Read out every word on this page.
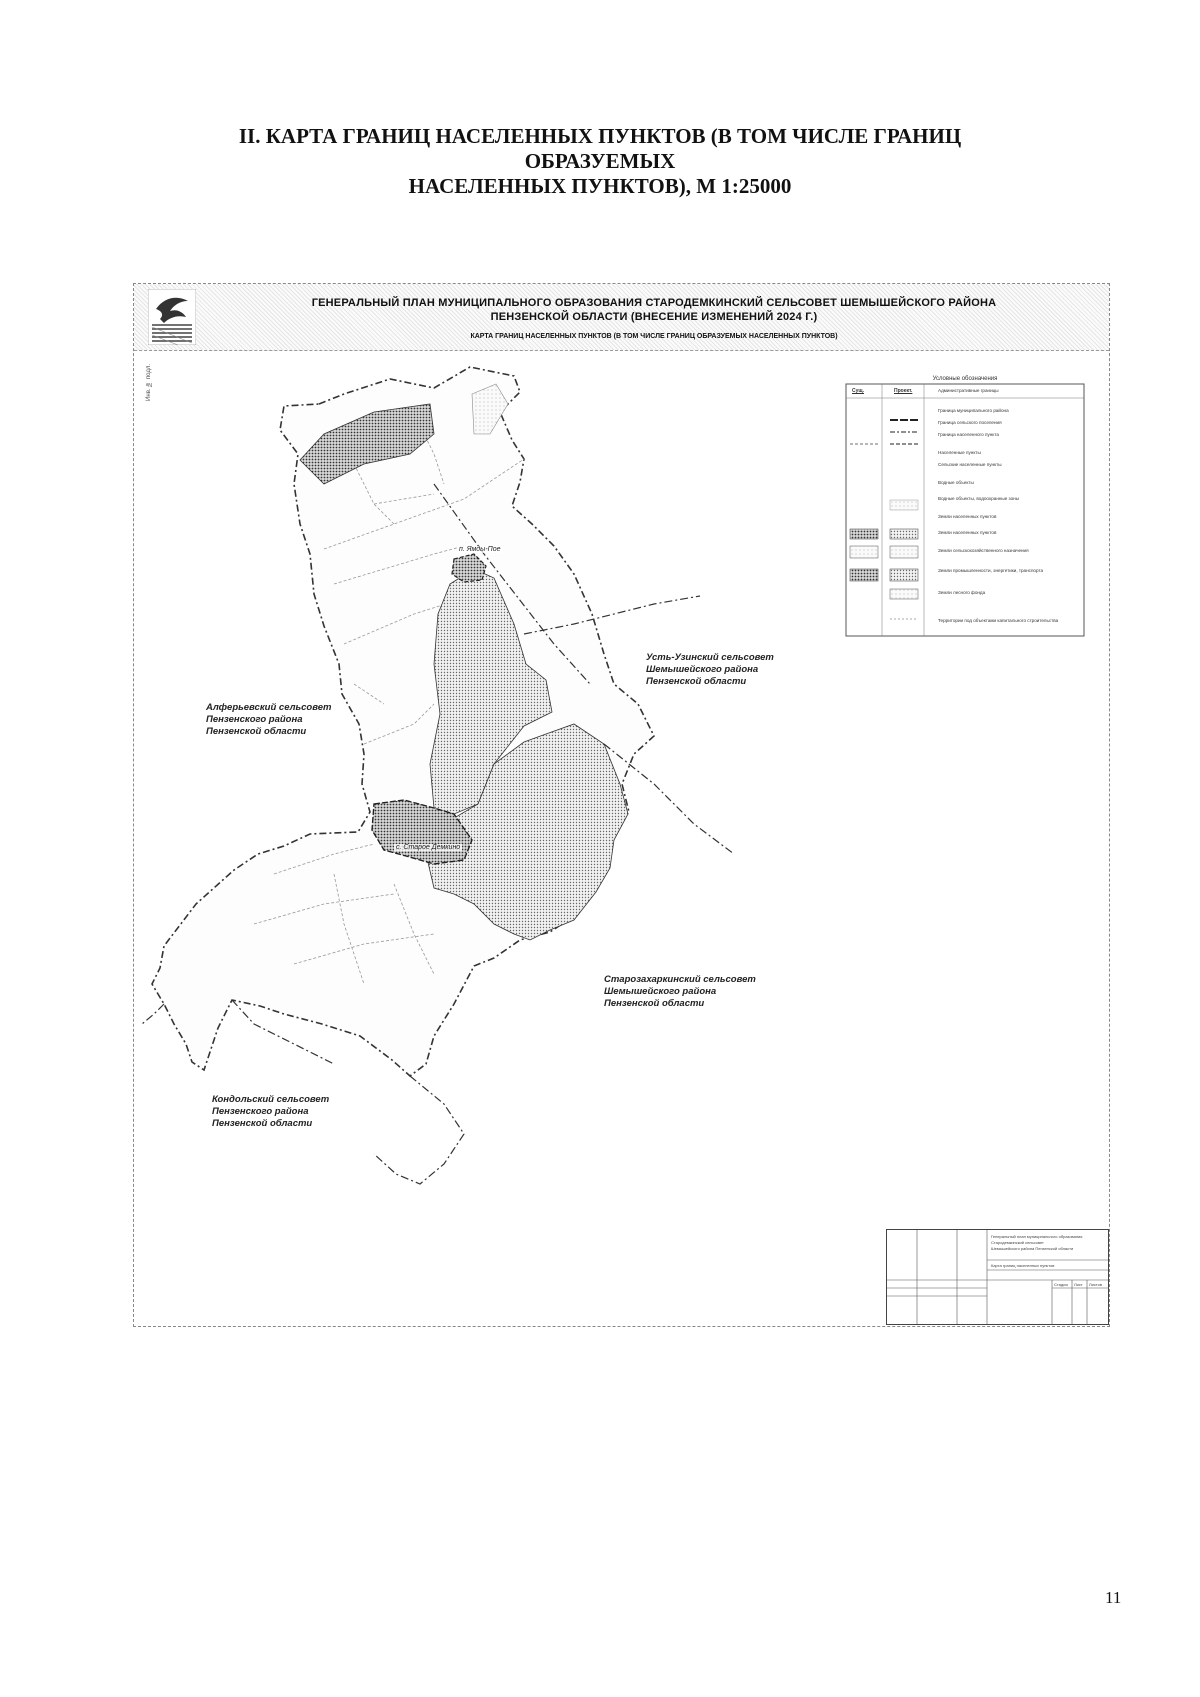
II. КАРТА ГРАНИЦ НАСЕЛЕННЫХ ПУНКТОВ (В ТОМ ЧИСЛЕ ГРАНИЦ
ОБРАЗУЕМЫХ
НАСЕЛЕННЫХ ПУНКТОВ), М 1:25000
ГЕНЕРАЛЬНЫЙ ПЛАН МУНИЦИПАЛЬНОГО ОБРАЗОВАНИЯ СТАРОДЕМКИНСКИЙ СЕЛЬСОВЕТ ШЕМЫШЕЙСКОГО РАЙОНА
ПЕНЗЕНСКОЙ ОБЛАСТИ (ВНЕСЕНИЕ ИЗМЕНЕНИЙ 2024 Г.)
КАРТА ГРАНИЦ НАСЕЛЕННЫХ ПУНКТОВ (В ТОМ ЧИСЛЕ ГРАНИЦ ОБРАЗУЕМЫХ НАСЕЛЕННЫХ ПУНКТОВ)
Инв. № подл.	Условные обозначения
Сущ.	Проект.	Административные границы
Граница муниципального района
Граница сельского поселения
Граница населенного пункта
Населенные пункты
Сельские населенные пункты
Водные объекты
Водные объекты, водоохранные зоны
Земли населенных пунктов
Земли населенных пунктов
Земли сельскохозяйственного назначения
Земли промышленности, энергетики, транспорта
Земли лесного фонда
Территории под объектами капитального строительства
п. Ямды-Пое
с. Старое Демкино
Алферьевский сельсовет
Пензенского района
Пензенской области
Усть-Узинский сельсовет
Шемышейского района
Пензенской области
Старозахаркинский сельсовет
Шемышейского района
Пензенской области
Кондольский сельсовет
Пензенского района
Пензенской области
Генеральный план муниципального образования
Стародемкинский сельсовет
Шемышейского района Пензенской области
Карта границ населенных пунктов
Стадия Лист Листов
11
